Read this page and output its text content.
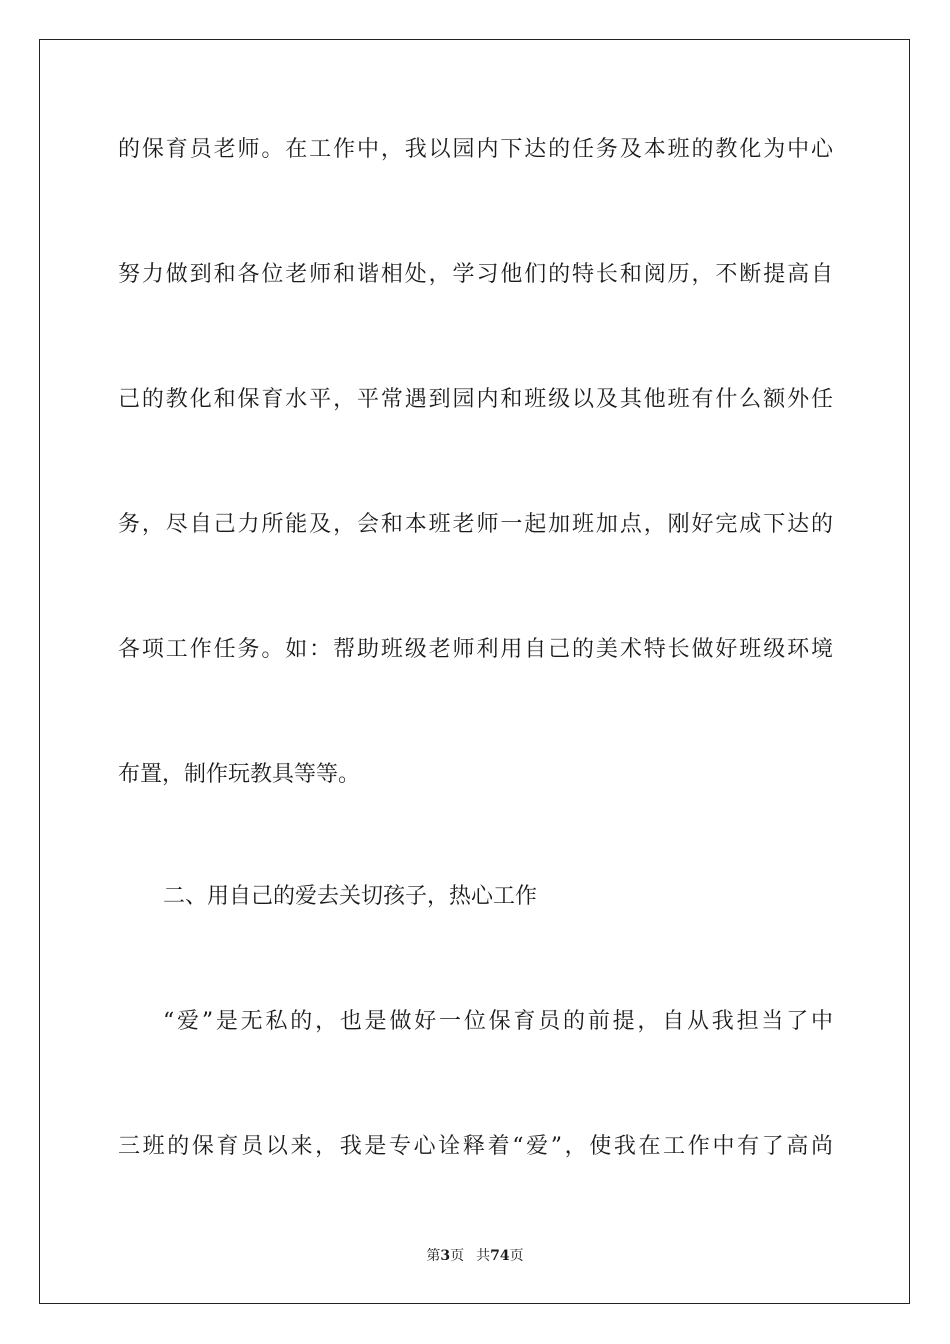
的保育员老师。在工作中，我以园内下达的任务及本班的教化为中心
努力做到和各位老师和谐相处，学习他们的特长和阅历，不断提高自
己的教化和保育水平，平常遇到园内和班级以及其他班有什么额外任
务，尽自己力所能及，会和本班老师一起加班加点，刚好完成下达的
各项工作任务。如：帮助班级老师利用自己的美术特长做好班级环境
布置，制作玩教具等等。
二、用自己的爱去关切孩子，热心工作
“爱”是无私的，也是做好一位保育员的前提，自从我担当了中
三班的保育员以来，我是专心诠释着“爱”，使我在工作中有了高尚
第3页 共74页
